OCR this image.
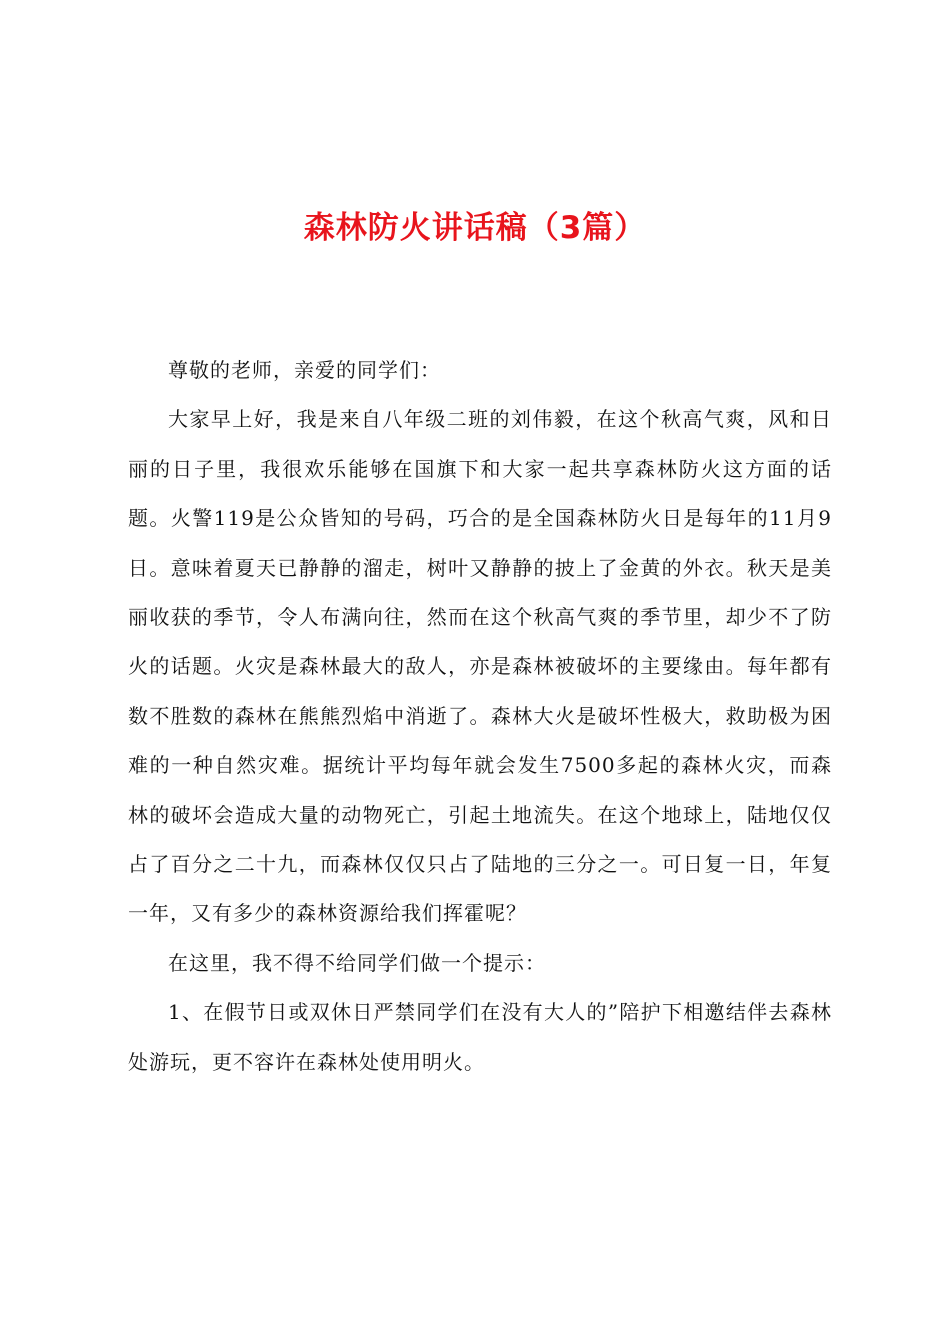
森林防火讲话稿（3篇）

尊敬的老师，亲爱的同学们：

大家早上好，我是来自八年级二班的刘伟毅，在这个秋高气爽，风和日丽的日子里，我很欢乐能够在国旗下和大家一起共享森林防火这方面的话题。火警119是公众皆知的号码，巧合的是全国森林防火日是每年的11月9日。意味着夏天已静静的溜走，树叶又静静的披上了金黄的外衣。秋天是美丽收获的季节，令人布满向往，然而在这个秋高气爽的季节里，却少不了防火的话题。火灾是森林最大的敌人，亦是森林被破坏的主要缘由。每年都有数不胜数的森林在熊熊烈焰中消逝了。森林大火是破坏性极大，救助极为困难的一种自然灾难。据统计平均每年就会发生7500多起的森林火灾，而森林的破坏会造成大量的动物死亡，引起土地流失。在这个地球上，陆地仅仅占了百分之二十九，而森林仅仅只占了陆地的三分之一。可日复一日，年复一年，又有多少的森林资源给我们挥霍呢？

在这里，我不得不给同学们做一个提示：

1、在假节日或双休日严禁同学们在没有大人的”陪护下相邀结伴去森林处游玩，更不容许在森林处使用明火。
